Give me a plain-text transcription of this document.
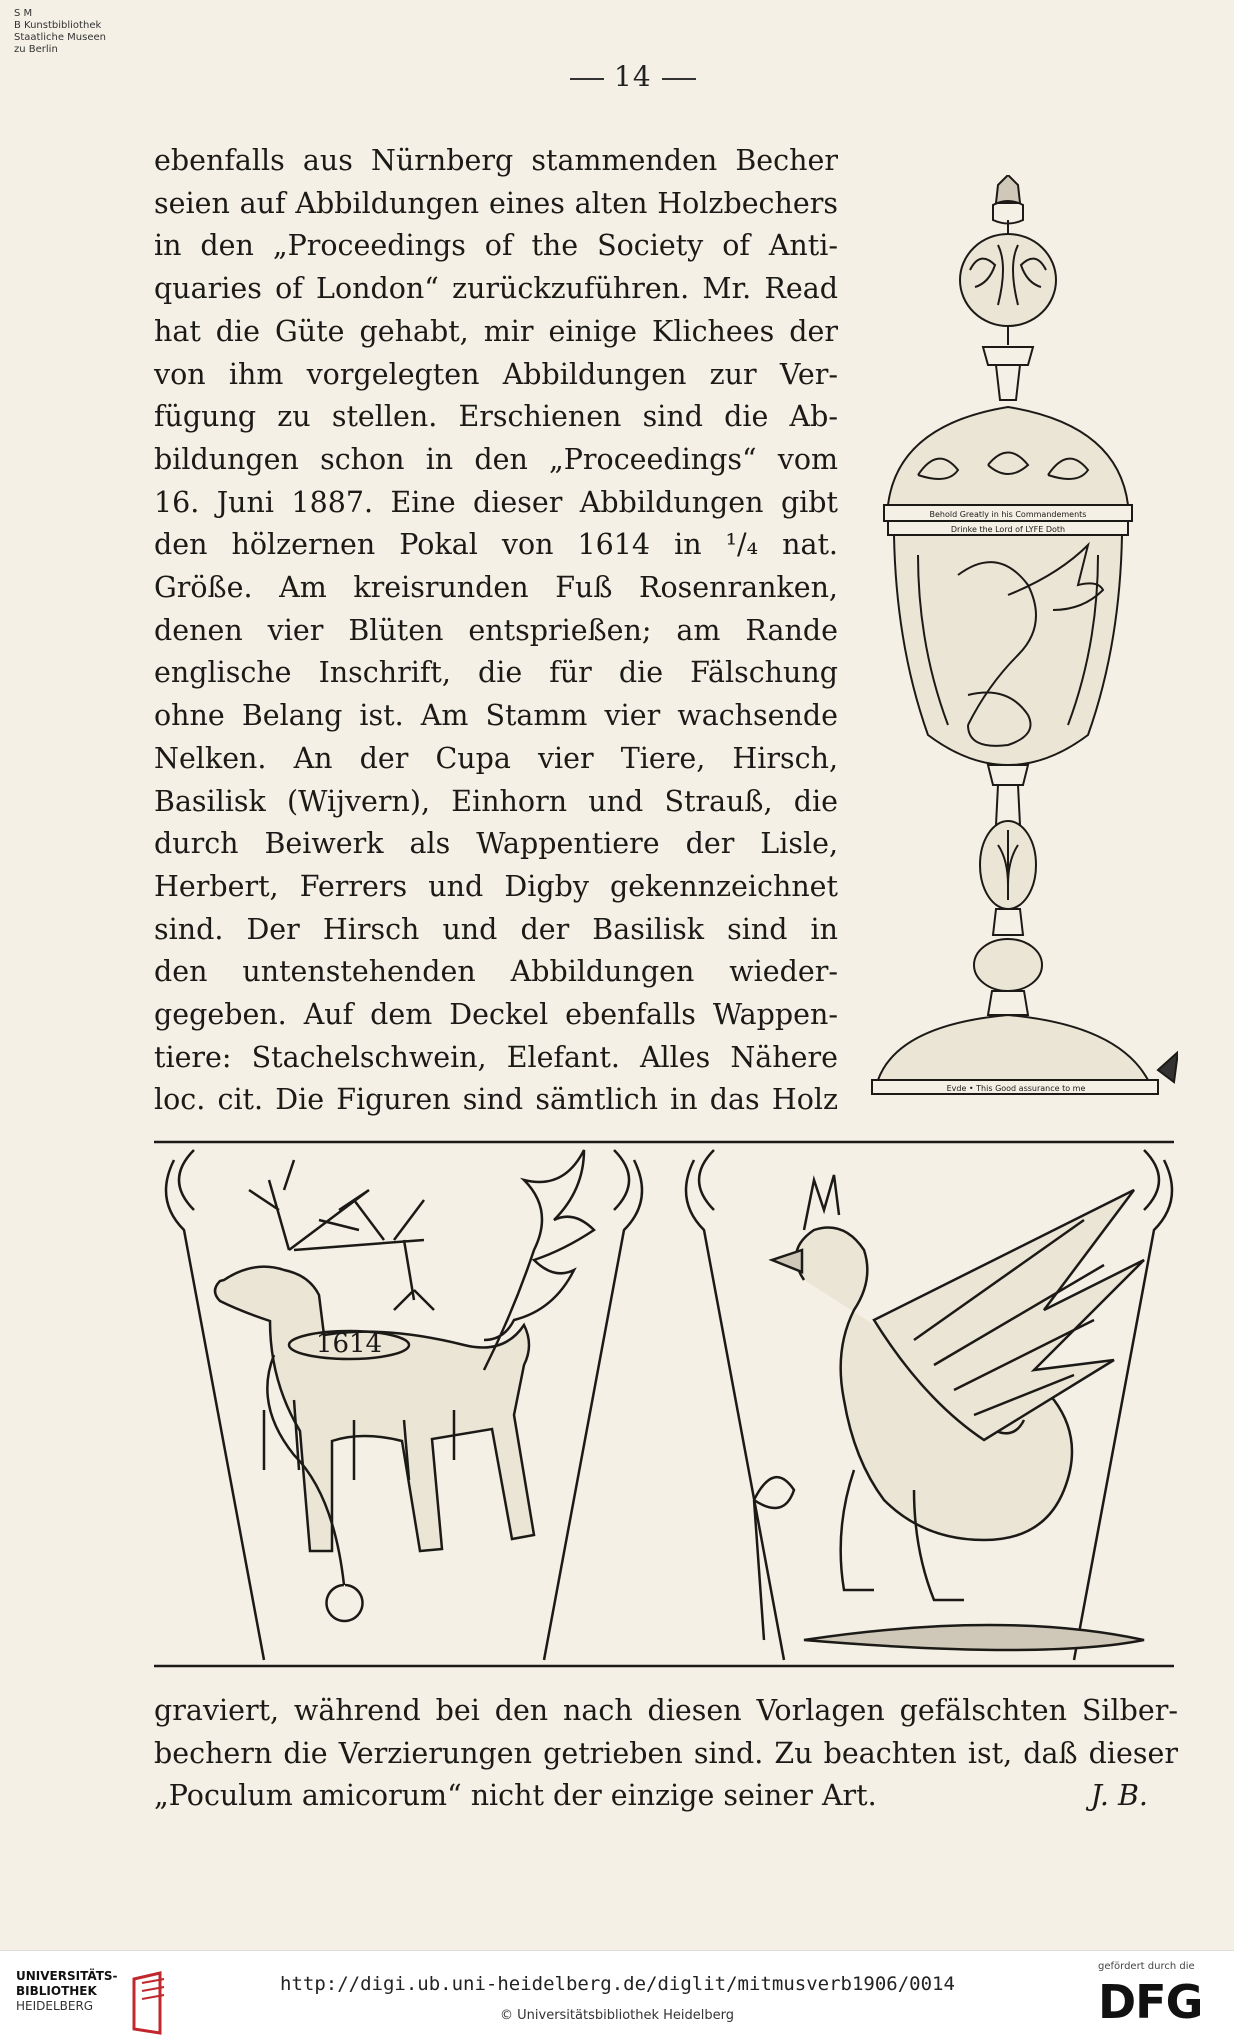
S M
B Kunstbibliothek
Staatliche Museen
zu Berlin
14
ebenfalls aus Nürnberg stammenden Becher
seien auf Abbildungen eines alten Holzbechers
in den „Proceedings of the Society of Anti-
quaries of London“ zurückzuführen. Mr. Read
hat die Güte gehabt, mir einige Klichees der
von ihm vorgelegten Abbildungen zur Ver-
fügung zu stellen. Erschienen sind die Ab-
bildungen schon in den „Proceedings“ vom
16. Juni 1887. Eine dieser Abbildungen gibt
den hölzernen Pokal von 1614 in ¹/₄ nat.
Größe. Am kreisrunden Fuß Rosenranken,
denen vier Blüten entsprießen; am Rande
englische Inschrift, die für die Fälschung
ohne Belang ist. Am Stamm vier wachsende
Nelken. An der Cupa vier Tiere, Hirsch,
Basilisk (Wijvern), Einhorn und Strauß, die
durch Beiwerk als Wappentiere der Lisle,
Herbert, Ferrers und Digby gekennzeichnet
sind. Der Hirsch und der Basilisk sind in
den untenstehenden Abbildungen wieder-
gegeben. Auf dem Deckel ebenfalls Wappen-
tiere: Stachelschwein, Elefant. Alles Nähere
loc. cit. Die Figuren sind sämtlich in das Holz
Behold Greatly in his Commandements
Drinke the Lord of LYFE Doth
Evde • This Good assurance to me
1614
graviert, während bei den nach diesen Vorlagen gefälschten Silber-
bechern die Verzierungen getrieben sind. Zu beachten ist, daß dieser
„Poculum amicorum“ nicht der einzige seiner Art.	J. B.
UNIVERSITÄTS-
BIBLIOTHEK
HEIDELBERG
http://digi.ub.uni-heidelberg.de/diglit/mitmusverb1906/0014
© Universitätsbibliothek Heidelberg
gefördert durch die
DFG
